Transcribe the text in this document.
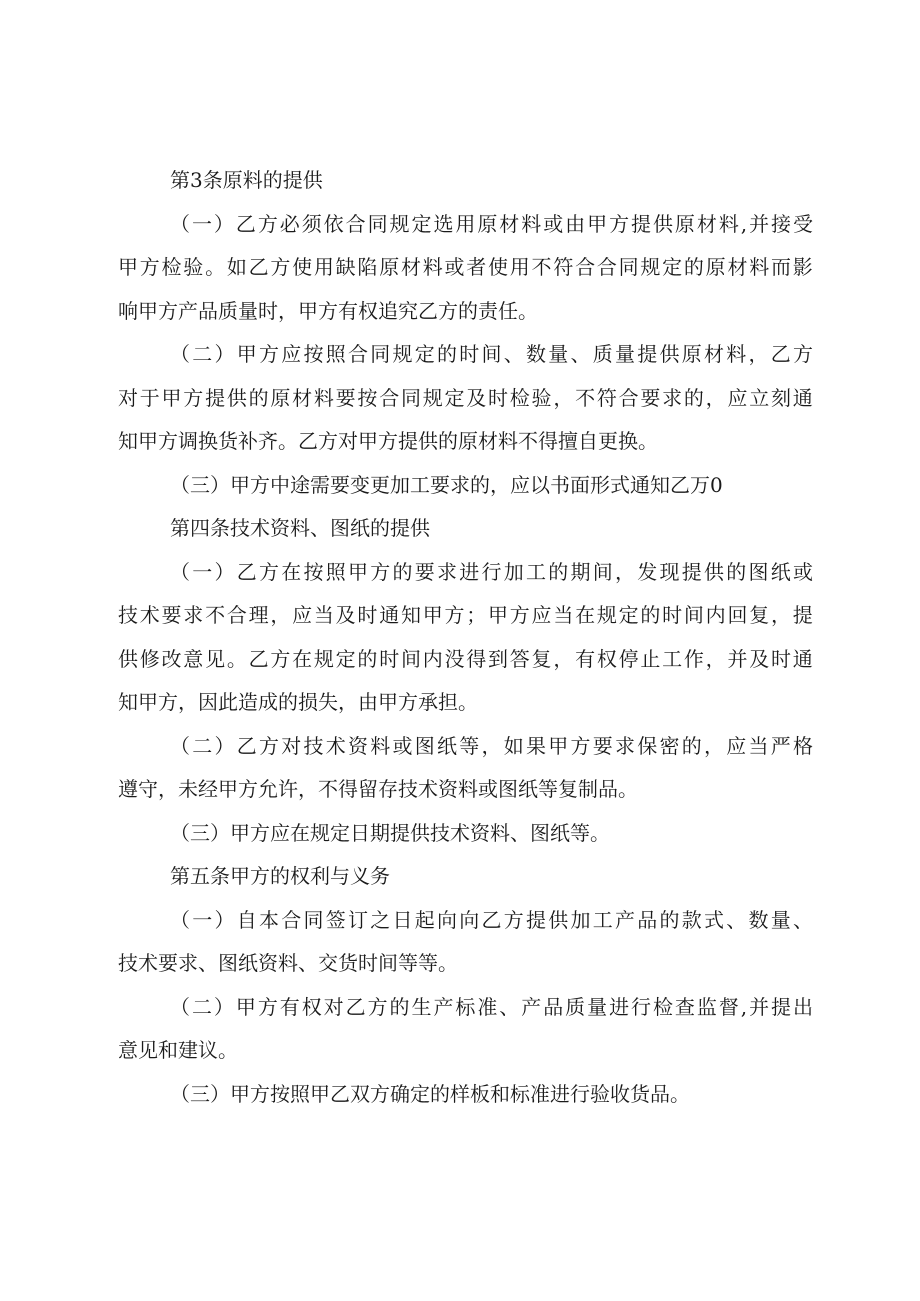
第3条原料的提供
（ 一 ） 乙 方 必 须 依 合 同 规 定 选 用 原 材 料 或 由 甲 方 提 供 原 材 料 , 并 接 受
甲 方 检 验 。 如 乙 方 使 用 缺 陷 原 材 料 或 者 使 用 不 符 合 合 同 规 定 的 原 材 料 而 影
响甲方产品质量时，甲方有权追究乙方的责任。
（ 二 ） 甲 方 应 按 照 合 同 规 定 的 时 间 、 数 量 、 质 量 提 供 原 材 料 ， 乙 方
对 于 甲 方 提 供 的 原 材 料 要 按 合 同 规 定 及 时 检 验 ， 不 符 合 要 求 的 ， 应 立 刻 通
知甲方调换货补齐。乙方对甲方提供的原材料不得擅自更换。
（三）甲方中途需要变更加工要求的，应以书面形式通知乙万0
第四条技术资料、图纸的提供
（ 一 ） 乙 方 在 按 照 甲 方 的 要 求 进 行 加 工 的 期 间 ， 发 现 提 供 的 图 纸 或
技 术 要 求 不 合 理 ， 应 当 及 时 通 知 甲 方 ； 甲 方 应 当 在 规 定 的 时 间 内 回 复 ， 提
供 修 改 意 见 。 乙 方 在 规 定 的 时 间 内 没 得 到 答 复 ， 有 权 停 止 工 作 ， 并 及 时 通
知甲方，因此造成的损失，由甲方承担。
（ 二 ） 乙 方 对 技 术 资 料 或 图 纸 等 ， 如 果 甲 方 要 求 保 密 的 ， 应 当 严 格
遵守，未经甲方允许，不得留存技术资料或图纸等复制品。
（三）甲方应在规定日期提供技术资料、图纸等。
第五条甲方的权利与义务
（ 一 ） 自 本 合 同 签 订 之 日 起 向 向 乙 方 提 供 加 工 产 品 的 款 式 、 数 量 、
技术要求、图纸资料、交货时间等等。
（ 二 ） 甲 方 有 权 对 乙 方 的 生 产 标 准 、 产 品 质 量 进 行 检 查 监 督 , 并 提 出
意见和建议。
（三）甲方按照甲乙双方确定的样板和标准进行验收货品。
